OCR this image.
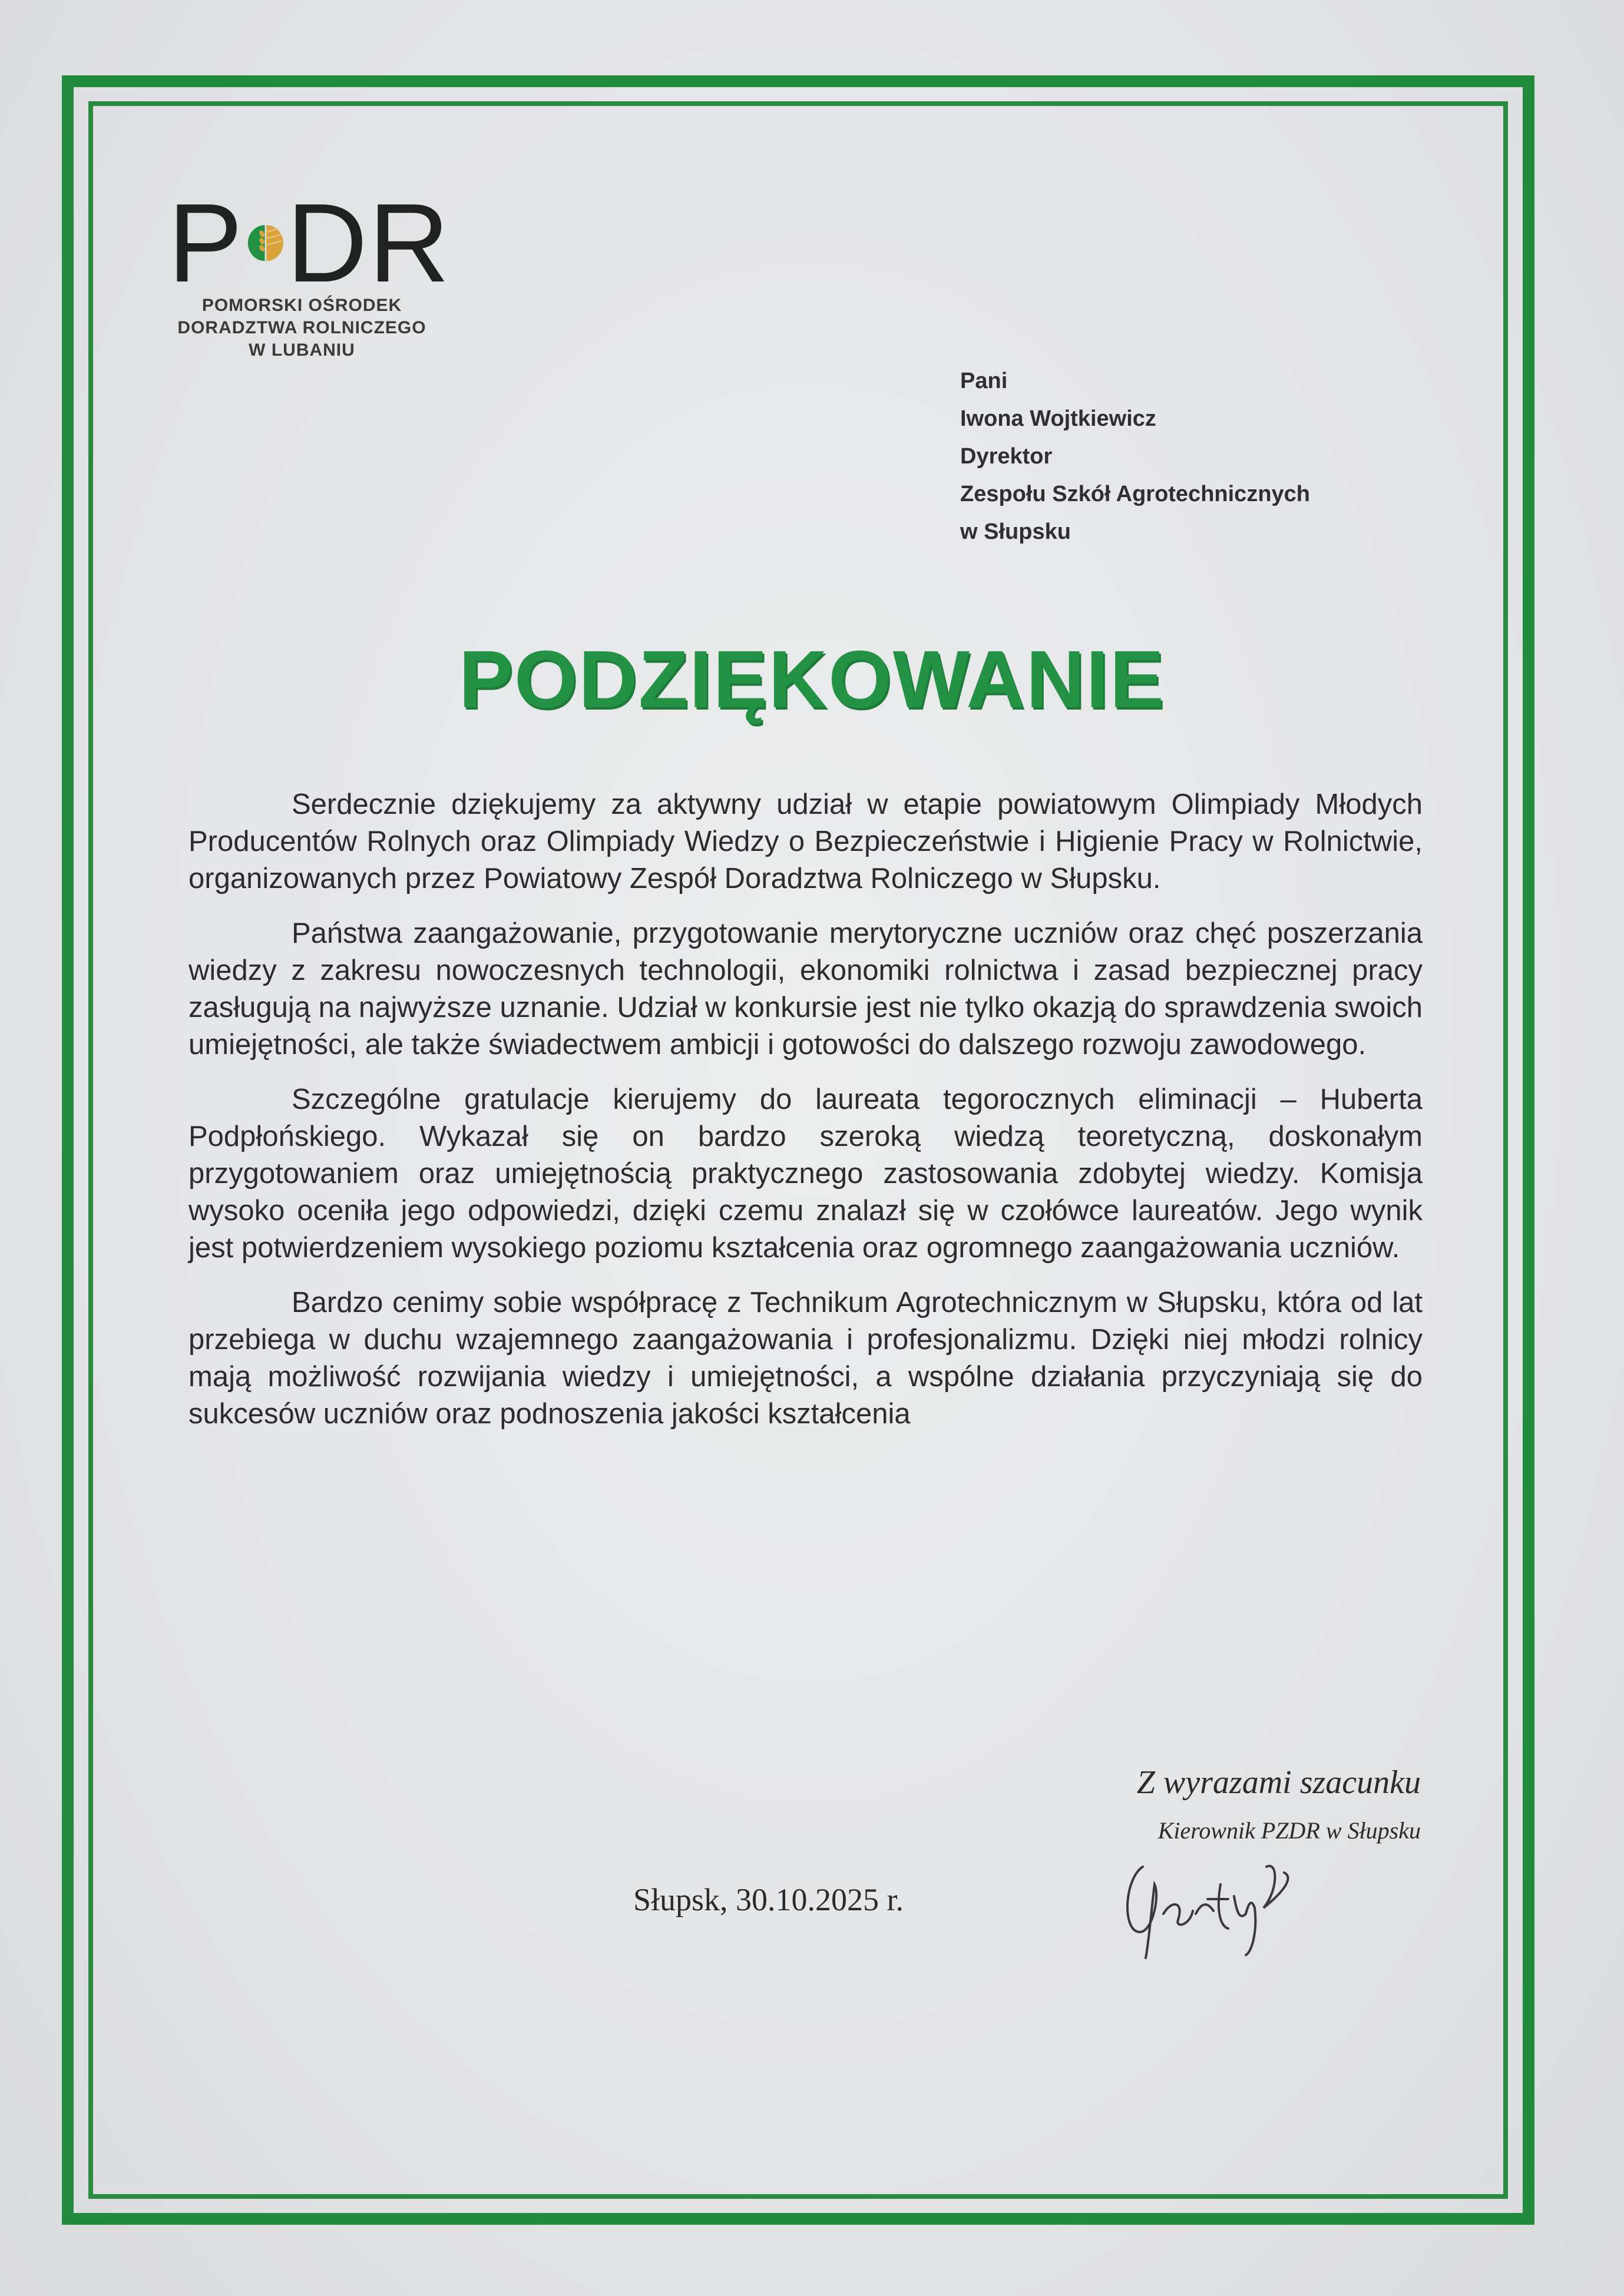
P DR
POMORSKI OŚRODEK
DORADZTWA ROLNICZEGO
W LUBANIU
Pani
Iwona Wojtkiewicz
Dyrektor
Zespołu Szkół Agrotechnicznych
w Słupsku
PODZIĘKOWANIE

Serdecznie dziękujemy za aktywny udział w etapie powiatowym Olimpiady Młodych Producentów Rolnych oraz Olimpiady Wiedzy o Bezpieczeństwie i Higienie Pracy w Rolnictwie, organizowanych przez Powiatowy Zespół Doradztwa Rolniczego w Słupsku.

Państwa zaangażowanie, przygotowanie merytoryczne uczniów oraz chęć poszerzania wiedzy z zakresu nowoczesnych technologii, ekonomiki rolnictwa i zasad bezpiecznej pracy zasługują na najwyższe uznanie. Udział w konkursie jest nie tylko okazją do sprawdzenia swoich umiejętności, ale także świadectwem ambicji i gotowości do dalszego rozwoju zawodowego.

Szczególne gratulacje kierujemy do laureata tegorocznych eliminacji – Huberta Podpłońskiego. Wykazał się on bardzo szeroką wiedzą teoretyczną, doskonałym przygotowaniem oraz umiejętnością praktycznego zastosowania zdobytej wiedzy. Komisja wysoko oceniła jego odpowiedzi, dzięki czemu znalazł się w czołówce laureatów. Jego wynik jest potwierdzeniem wysokiego poziomu kształcenia oraz ogromnego zaangażowania uczniów.

Bardzo cenimy sobie współpracę z Technikum Agrotechnicznym w Słupsku, która od lat przebiega w duchu wzajemnego zaangażowania i profesjonalizmu. Dzięki niej młodzi rolnicy mają możliwość rozwijania wiedzy i umiejętności, a wspólne działania przyczyniają się do sukcesów uczniów oraz podnoszenia jakości kształcenia

Z wyrazami szacunku
Kierownik PZDR w Słupsku
Słupsk, 30.10.2025 r.
